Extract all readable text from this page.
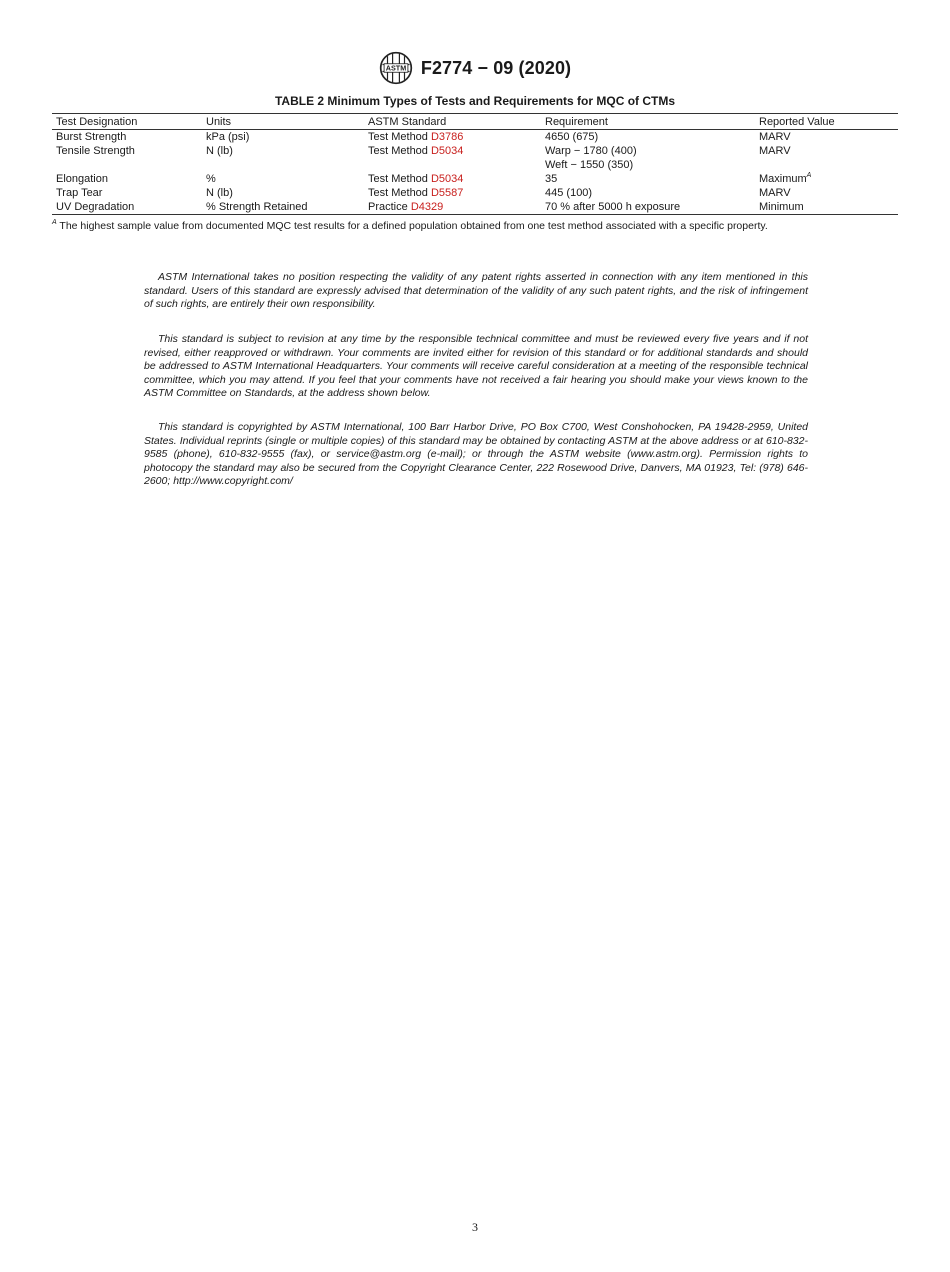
ASTM F2774 − 09 (2020)
TABLE 2 Minimum Types of Tests and Requirements for MQC of CTMs
Test Designation	Units	ASTM Standard	Requirement	Reported Value
Burst Strength	kPa (psi)	Test Method D3786	4650 (675)	MARV
Tensile Strength	N (lb)	Test Method D5034	Warp − 1780 (400)	MARV
			Weft − 1550 (350)	
Elongation	%	Test Method D5034	35	Maximum$^A$
Trap Tear	N (lb)	Test Method D5587	445 (100)	MARV
UV Degradation	% Strength Retained	Practice D4329	70 % after 5000 h exposure	Minimum
$^A$ The highest sample value from documented MQC test results for a defined population obtained from one test method associated with a specific property.

ASTM International takes no position respecting the validity of any patent rights asserted in connection with any item mentioned in this standard. Users of this standard are expressly advised that determination of the validity of any such patent rights, and the risk of infringement of such rights, are entirely their own responsibility.

This standard is subject to revision at any time by the responsible technical committee and must be reviewed every five years and if not revised, either reapproved or withdrawn. Your comments are invited either for revision of this standard or for additional standards and should be addressed to ASTM International Headquarters. Your comments will receive careful consideration at a meeting of the responsible technical committee, which you may attend. If you feel that your comments have not received a fair hearing you should make your views known to the ASTM Committee on Standards, at the address shown below.

This standard is copyrighted by ASTM International, 100 Barr Harbor Drive, PO Box C700, West Conshohocken, PA 19428-2959, United States. Individual reprints (single or multiple copies) of this standard may be obtained by contacting ASTM at the above address or at 610-832-9585 (phone), 610-832-9555 (fax), or service@astm.org (e-mail); or through the ASTM website (www.astm.org). Permission rights to photocopy the standard may also be secured from the Copyright Clearance Center, 222 Rosewood Drive, Danvers, MA 01923, Tel: (978) 646-2600; http://www.copyright.com/

3
